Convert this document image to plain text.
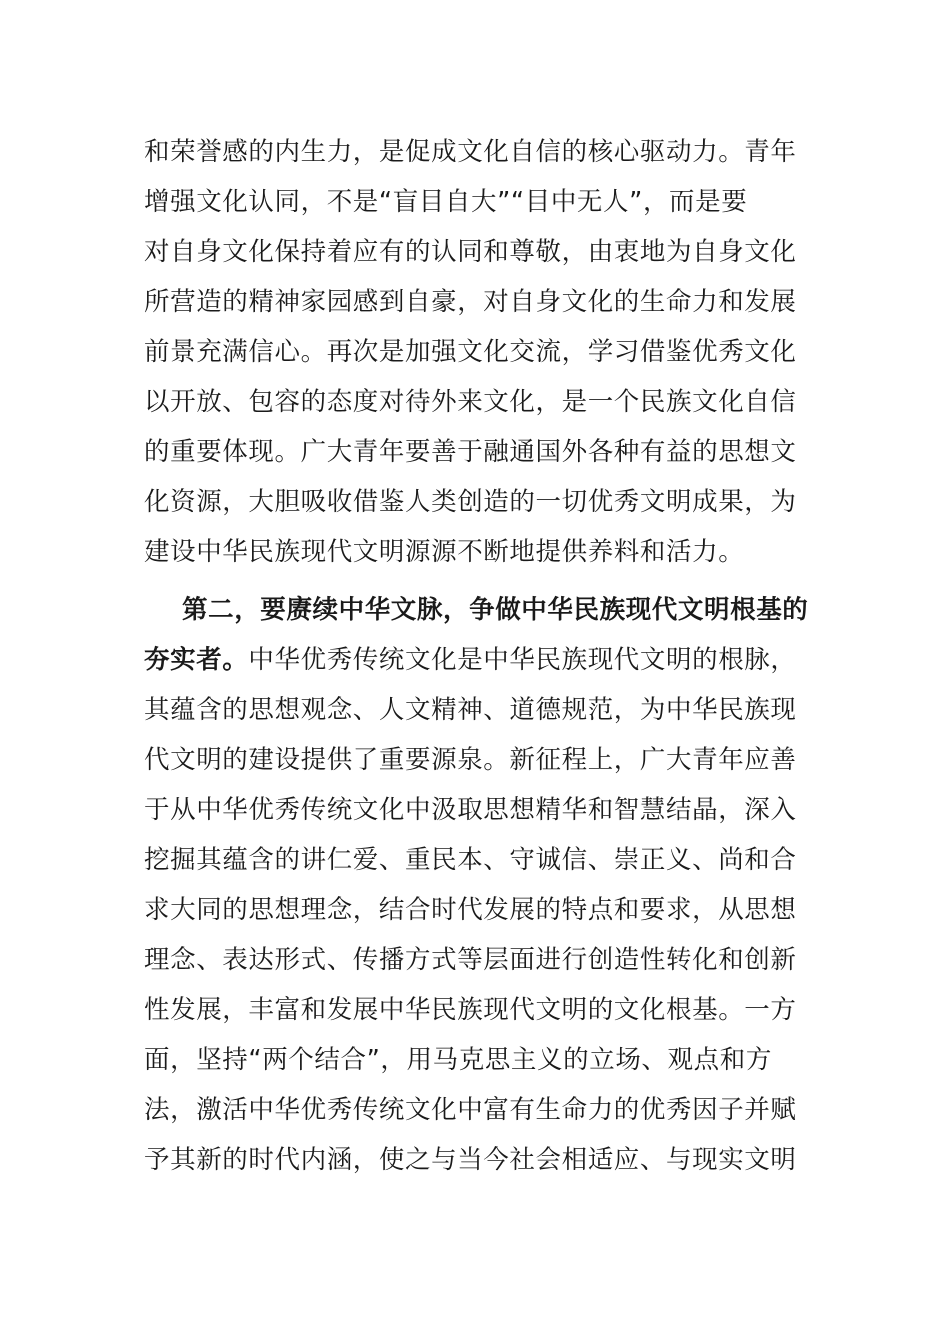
和荣誉感的内生力，是促成文化自信的核心驱动力。青年
增强文化认同，不是“盲目自大”“目中无人”，而是要
对自身文化保持着应有的认同和尊敬，由衷地为自身文化
所营造的精神家园感到自豪，对自身文化的生命力和发展
前景充满信心。再次是加强文化交流，学习借鉴优秀文化
以开放、包容的态度对待外来文化，是一个民族文化自信
的重要体现。广大青年要善于融通国外各种有益的思想文
化资源，大胆吸收借鉴人类创造的一切优秀文明成果，为
建设中华民族现代文明源源不断地提供养料和活力。
第二，要赓续中华文脉，争做中华民族现代文明根基的
夯实者。中华优秀传统文化是中华民族现代文明的根脉，
其蕴含的思想观念、人文精神、道德规范，为中华民族现
代文明的建设提供了重要源泉。新征程上，广大青年应善
于从中华优秀传统文化中汲取思想精华和智慧结晶，深入
挖掘其蕴含的讲仁爱、重民本、守诚信、崇正义、尚和合
求大同的思想理念，结合时代发展的特点和要求，从思想
理念、表达形式、传播方式等层面进行创造性转化和创新
性发展，丰富和发展中华民族现代文明的文化根基。一方
面，坚持“两个结合”，用马克思主义的立场、观点和方
法，激活中华优秀传统文化中富有生命力的优秀因子并赋
予其新的时代内涵，使之与当今社会相适应、与现实文明
